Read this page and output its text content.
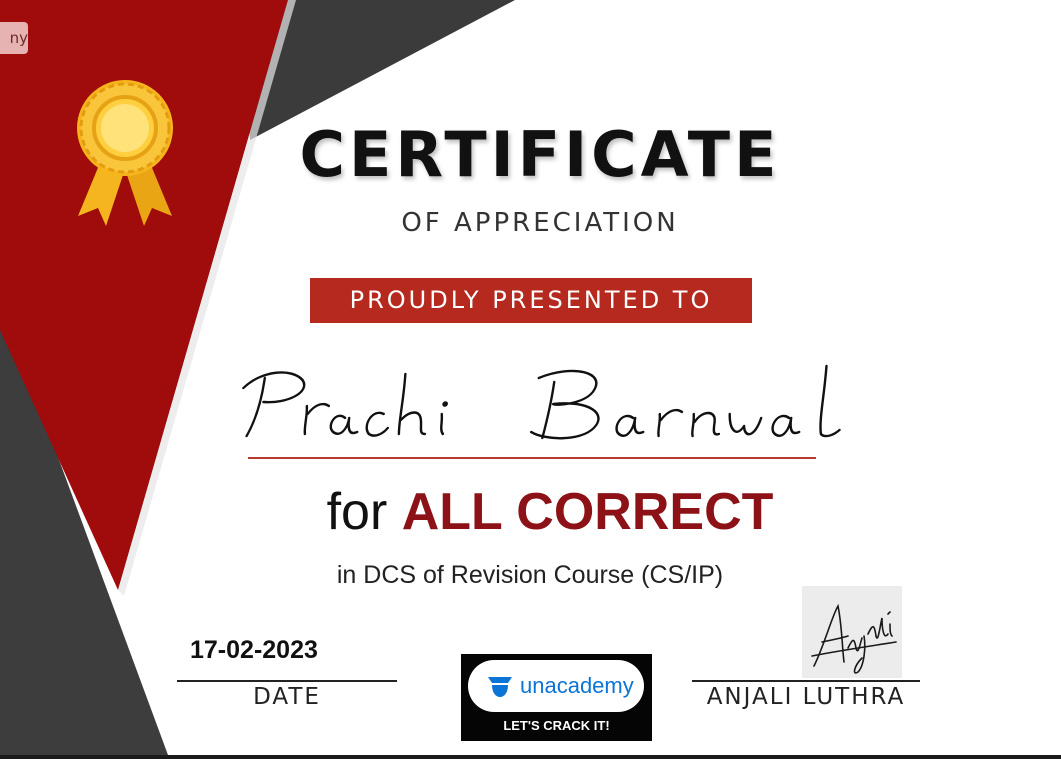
ny
CERTIFICATE
OF APPRECIATION
PROUDLY PRESENTED TO
Prachi Barnwal
for ALL CORRECT
in DCS of Revision Course (CS/IP)
17-02-2023
DATE	unacademy
LET'S CRACK IT!
ANJALI LUTHRA
